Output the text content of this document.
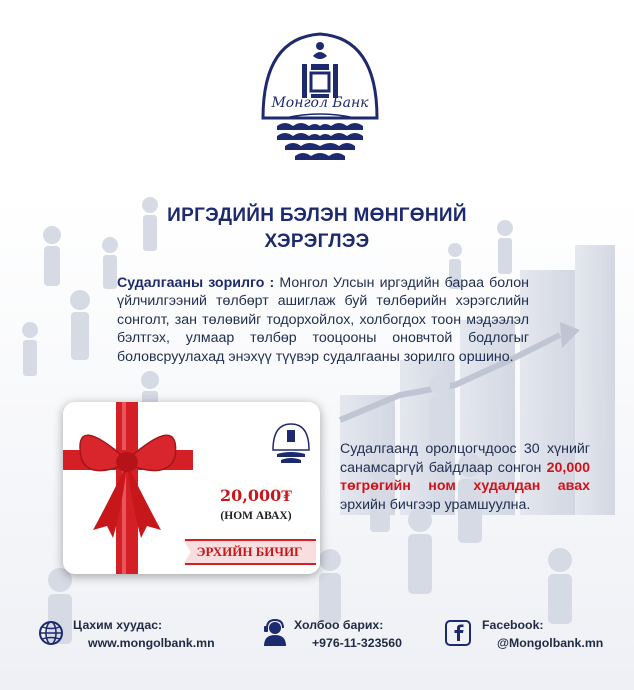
Монгол Банк
ИРГЭДИЙН БЭЛЭН МӨНГӨНИЙ
ХЭРЭГЛЭЭ
Судалгааны зорилго : Монгол Улсын иргэдийн бараа болон үйлчилгээний төлбөрт ашиглаж буй төлбөрийн хэрэгслийн сонголт, зан төлөвийг тодорхойлох, холбогдох тоон мэдээлэл бэлтгэх, улмаар төлбөр тооцооны оновчтой бодлогыг боловсруулахад энэхүү түүвэр судалгааны зорилго оршино.
20,000₮
(НОМ АВАХ)
ЭРХИЙН БИЧИГ
Судалгаанд оролцогчдоос 30 хүнийг санамсаргүй байдлаар сонгон 20,000 төгрөгийн ном худалдан авах эрхийн бичгээр урамшуулна.
Цахим хуудас:
www.mongolbank.mn
Холбоо барих:
+976-11-323560
Facebook:
@Mongolbank.mn
